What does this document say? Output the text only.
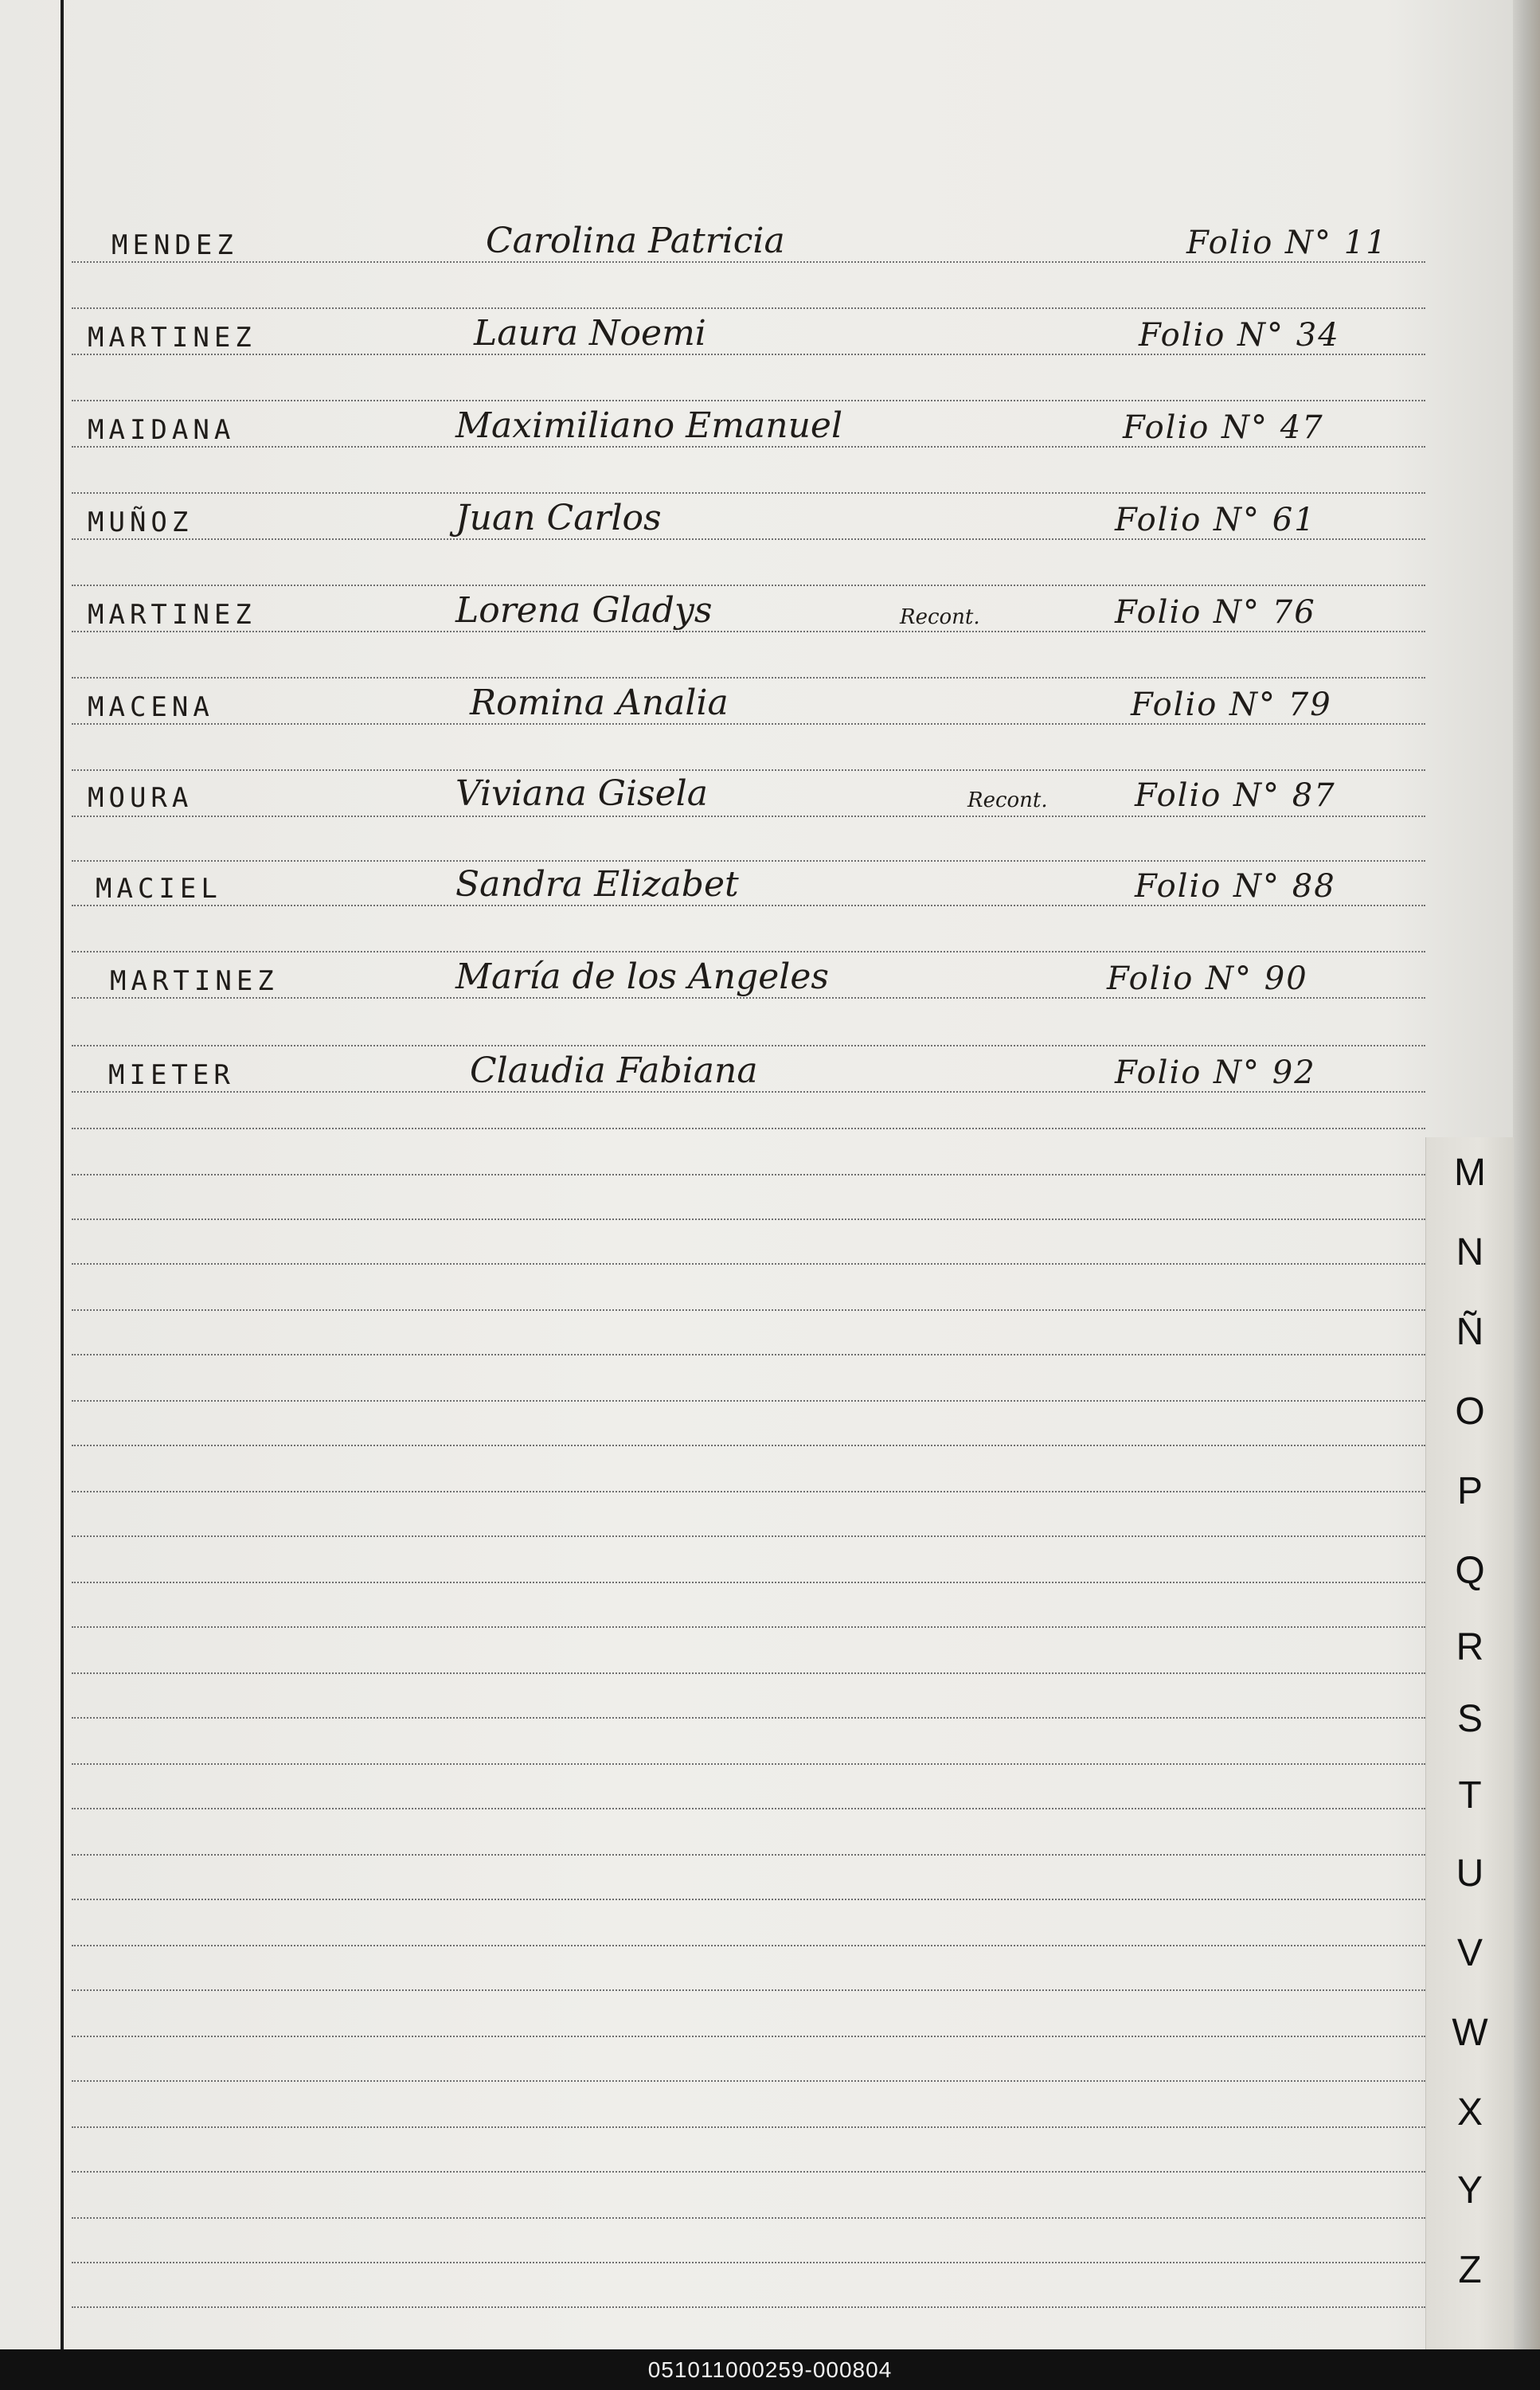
MENDEZ	Carolina Patricia	Folio N° 11
MARTINEZ	Laura Noemi	Folio N° 34
MAIDANA	Maximiliano Emanuel	Folio N° 47
MUÑOZ	Juan Carlos	Folio N° 61
MARTINEZ	Lorena Gladys	Recont.	Folio N° 76
MACENA	Romina Analia	Folio N° 79
MOURA	Viviana Gisela	Recont.	Folio N° 87
MACIEL	Sandra Elizabet	Folio N° 88
MARTINEZ	María de los Angeles	Folio N° 90
MIETER	Claudia Fabiana	Folio N° 92
M
N
Ñ
O
P
Q
R
S
T
U
V
W
X
Y
Z
051011000259-000804
